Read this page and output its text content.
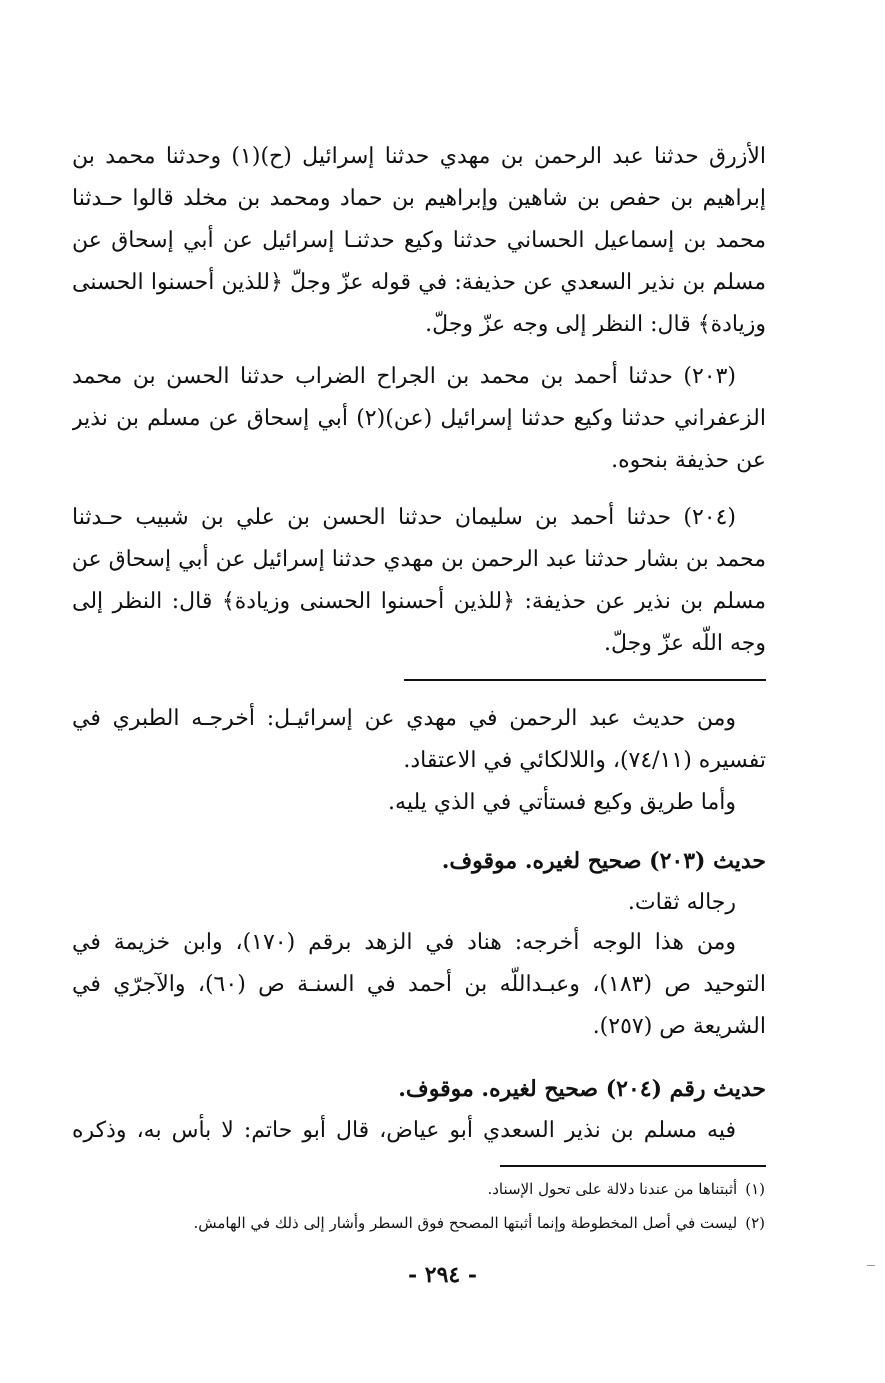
الأزرق حدثنا عبد الرحمن بن مهدي حدثنا إسرائيل (ح)(١) وحدثنا محمد بن
إبراهيم بن حفص بن شاهين وإبراهيم بن حماد ومحمد بن مخلد قالوا حـدثنا
محمد بن إسماعيل الحساني حدثنا وكيع حدثنـا إسرائيل عن أبي إسحاق عن
مسلم بن نذير السعدي عن حذيفة: في قوله عزّ وجلّ ﴿للذين أحسنوا الحسنى
وزيادة﴾ قال: النظر إلى وجه عزّ وجلّ.
(٢٠٣) حدثنا أحمد بن محمد بن الجراح الضراب حدثنا الحسن بن محمد
الزعفراني حدثنا وكيع حدثنا إسرائيل (عن)(٢) أبي إسحاق عن مسلم بن نذير
عن حذيفة بنحوه.
(٢٠٤) حدثنا أحمد بن سليمان حدثنا الحسن بن علي بن شبيب حـدثنا
محمد بن بشار حدثنا عبد الرحمن بن مهدي حدثنا إسرائيل عن أبي إسحاق عن
مسلم بن نذير عن حذيفة: ﴿للذين أحسنوا الحسنى وزيادة﴾ قال: النظر إلى
وجه اللّه عزّ وجلّ.
ومن حديث عبد الرحمن في مهدي عن إسرائيـل: أخرجـه الطبري في
تفسيره (٧٤/١١)، واللالكائي في الاعتقاد.
وأما طريق وكيع فستأتي في الذي يليه.
حديث (٢٠٣) صحيح لغيره. موقوف.
رجاله ثقات.
ومن هذا الوجه أخرجه: هناد في الزهد برقم (١٧٠)، وابن خزيمة في
التوحيد ص (١٨٣)، وعبـداللّه بن أحمد في السنـة ص (٦٠)، والآجرّي في
الشريعة ص (٢٥٧).
حديث رقم (٢٠٤) صحيح لغيره. موقوف.
فيه مسلم بن نذير السعدي أبو عياض، قال أبو حاتم: لا بأس به، وذكره
(١)أثبتناها من عندنا دلالة على تحول الإسناد.
(٢)ليست في أصل المخطوطة وإنما أثبتها المصحح فوق السطر وأشار إلى ذلك في الهامش.
- ٢٩٤ -
